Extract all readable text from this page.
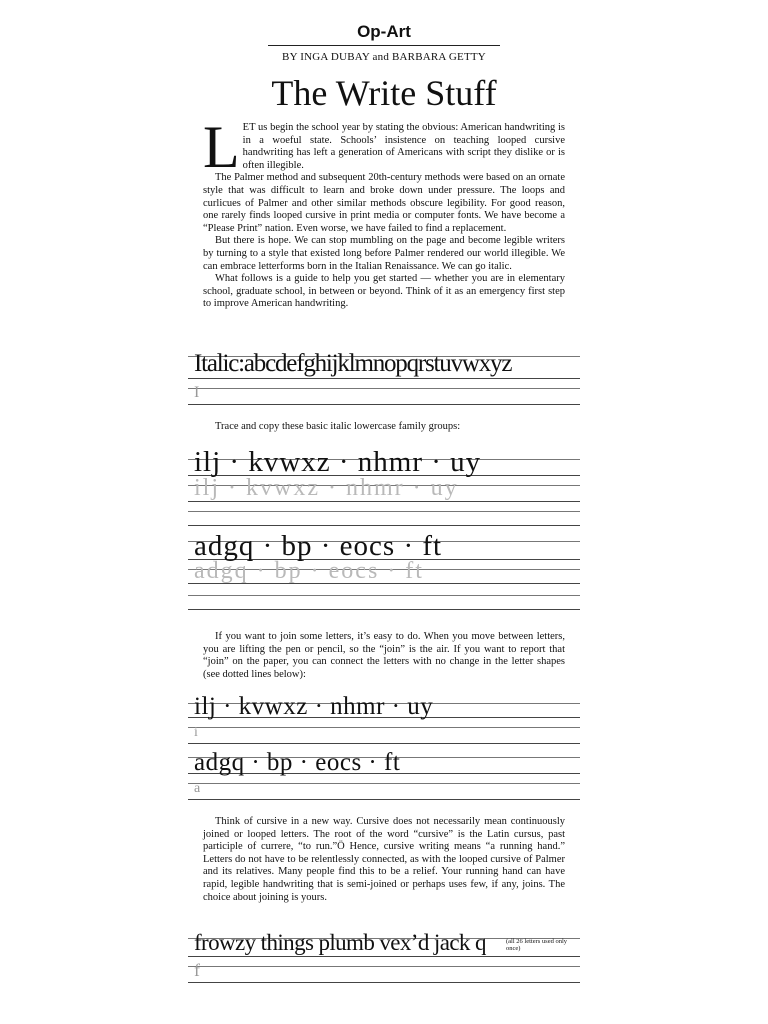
Op-Art
BY INGA DUBAY and BARBARA GETTY
The Write Stuff

LET us begin the school year by stating the obvious: American handwriting is in a woeful state. Schools’ insistence on teaching looped cursive handwriting has left a generation of Americans with script they dislike or is often illegible.

The Palmer method and subsequent 20th-century methods were based on an ornate style that was difficult to learn and broke down under pressure. The loops and curlicues of Palmer and other similar methods obscure legibility. For good reason, one rarely finds looped cursive in print media or computer fonts. We have become a “Please Print” nation. Even worse, we have failed to find a replacement.

But there is hope. We can stop mumbling on the page and become legible writers by turning to a style that existed long before Palmer rendered our world illegible. We can embrace letterforms born in the Italian Renaissance. We can go italic.

What follows is a guide to help you get started — whether you are in elementary school, graduate school, in between or beyond. Think of it as an emergency first step to improve American handwriting.

Italic:abcdefghijklmnopqrstuvwxyz
I
Trace and copy these basic italic lowercase family groups:
ilj · kvwxz · nhmr · uy
ilj · kvwxz · nhmr · uy
adgq · bp · eocs · ft
adgq · bp · eocs · ft

If you want to join some letters, it’s easy to do. When you move between letters, you are lifting the pen or pencil, so the “join” is the air. If you want to report that “join” on the paper, you can connect the letters with no change in the letter shapes (see dotted lines below):

ilj · kvwxz · nhmr · uy
i
adgq · bp · eocs · ft
a

Think of cursive in a new way. Cursive does not necessarily mean continuously joined or looped letters. The root of the word “cursive” is the Latin cursus, past participle of currere, “to run.”Ö Hence, cursive writing means “a running hand.” Letters do not have to be relentlessly connected, as with the looped cursive of Palmer and its relatives. Many people find this to be a relief. Your running hand can have rapid, legible handwriting that is semi-joined or perhaps uses few, if any, joins. The choice about joining is yours.

frowzy things plumb vex’d jack q	(all 26 letters used only once)
f
